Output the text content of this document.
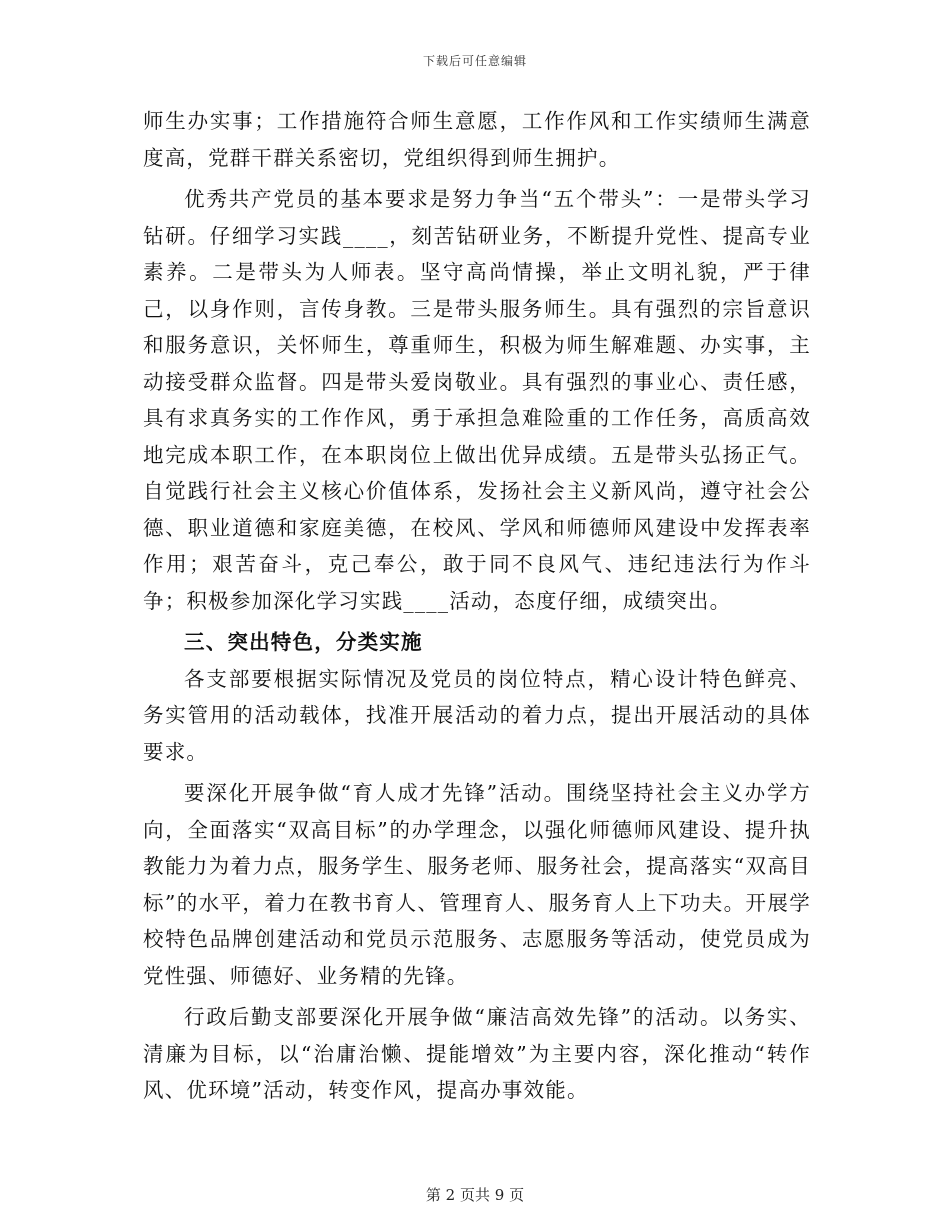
下载后可任意编辑

师生办实事；工作措施符合师生意愿，工作作风和工作实绩师生满意度高，党群干群关系密切，党组织得到师生拥护。

优秀共产党员的基本要求是努力争当“五个带头”：一是带头学习钻研。仔细学习实践____，刻苦钻研业务，不断提升党性、提高专业素养。二是带头为人师表。坚守高尚情操，举止文明礼貌，严于律己，以身作则，言传身教。三是带头服务师生。具有强烈的宗旨意识和服务意识，关怀师生，尊重师生，积极为师生解难题、办实事，主动接受群众监督。四是带头爱岗敬业。具有强烈的事业心、责任感，具有求真务实的工作作风，勇于承担急难险重的工作任务，高质高效地完成本职工作，在本职岗位上做出优异成绩。五是带头弘扬正气。自觉践行社会主义核心价值体系，发扬社会主义新风尚，遵守社会公德、职业道德和家庭美德，在校风、学风和师德师风建设中发挥表率作用；艰苦奋斗，克己奉公，敢于同不良风气、违纪违法行为作斗争；积极参加深化学习实践____活动，态度仔细，成绩突出。

三、突出特色，分类实施

各支部要根据实际情况及党员的岗位特点，精心设计特色鲜亮、务实管用的活动载体，找准开展活动的着力点，提出开展活动的具体要求。

要深化开展争做“育人成才先锋”活动。围绕坚持社会主义办学方向，全面落实“双高目标”的办学理念，以强化师德师风建设、提升执教能力为着力点，服务学生、服务老师、服务社会，提高落实“双高目标”的水平，着力在教书育人、管理育人、服务育人上下功夫。开展学校特色品牌创建活动和党员示范服务、志愿服务等活动，使党员成为党性强、师德好、业务精的先锋。

行政后勤支部要深化开展争做“廉洁高效先锋”的活动。以务实、清廉为目标，以“治庸治懒、提能增效”为主要内容，深化推动“转作风、优环境”活动，转变作风，提高办事效能。

第 2 页共 9 页
